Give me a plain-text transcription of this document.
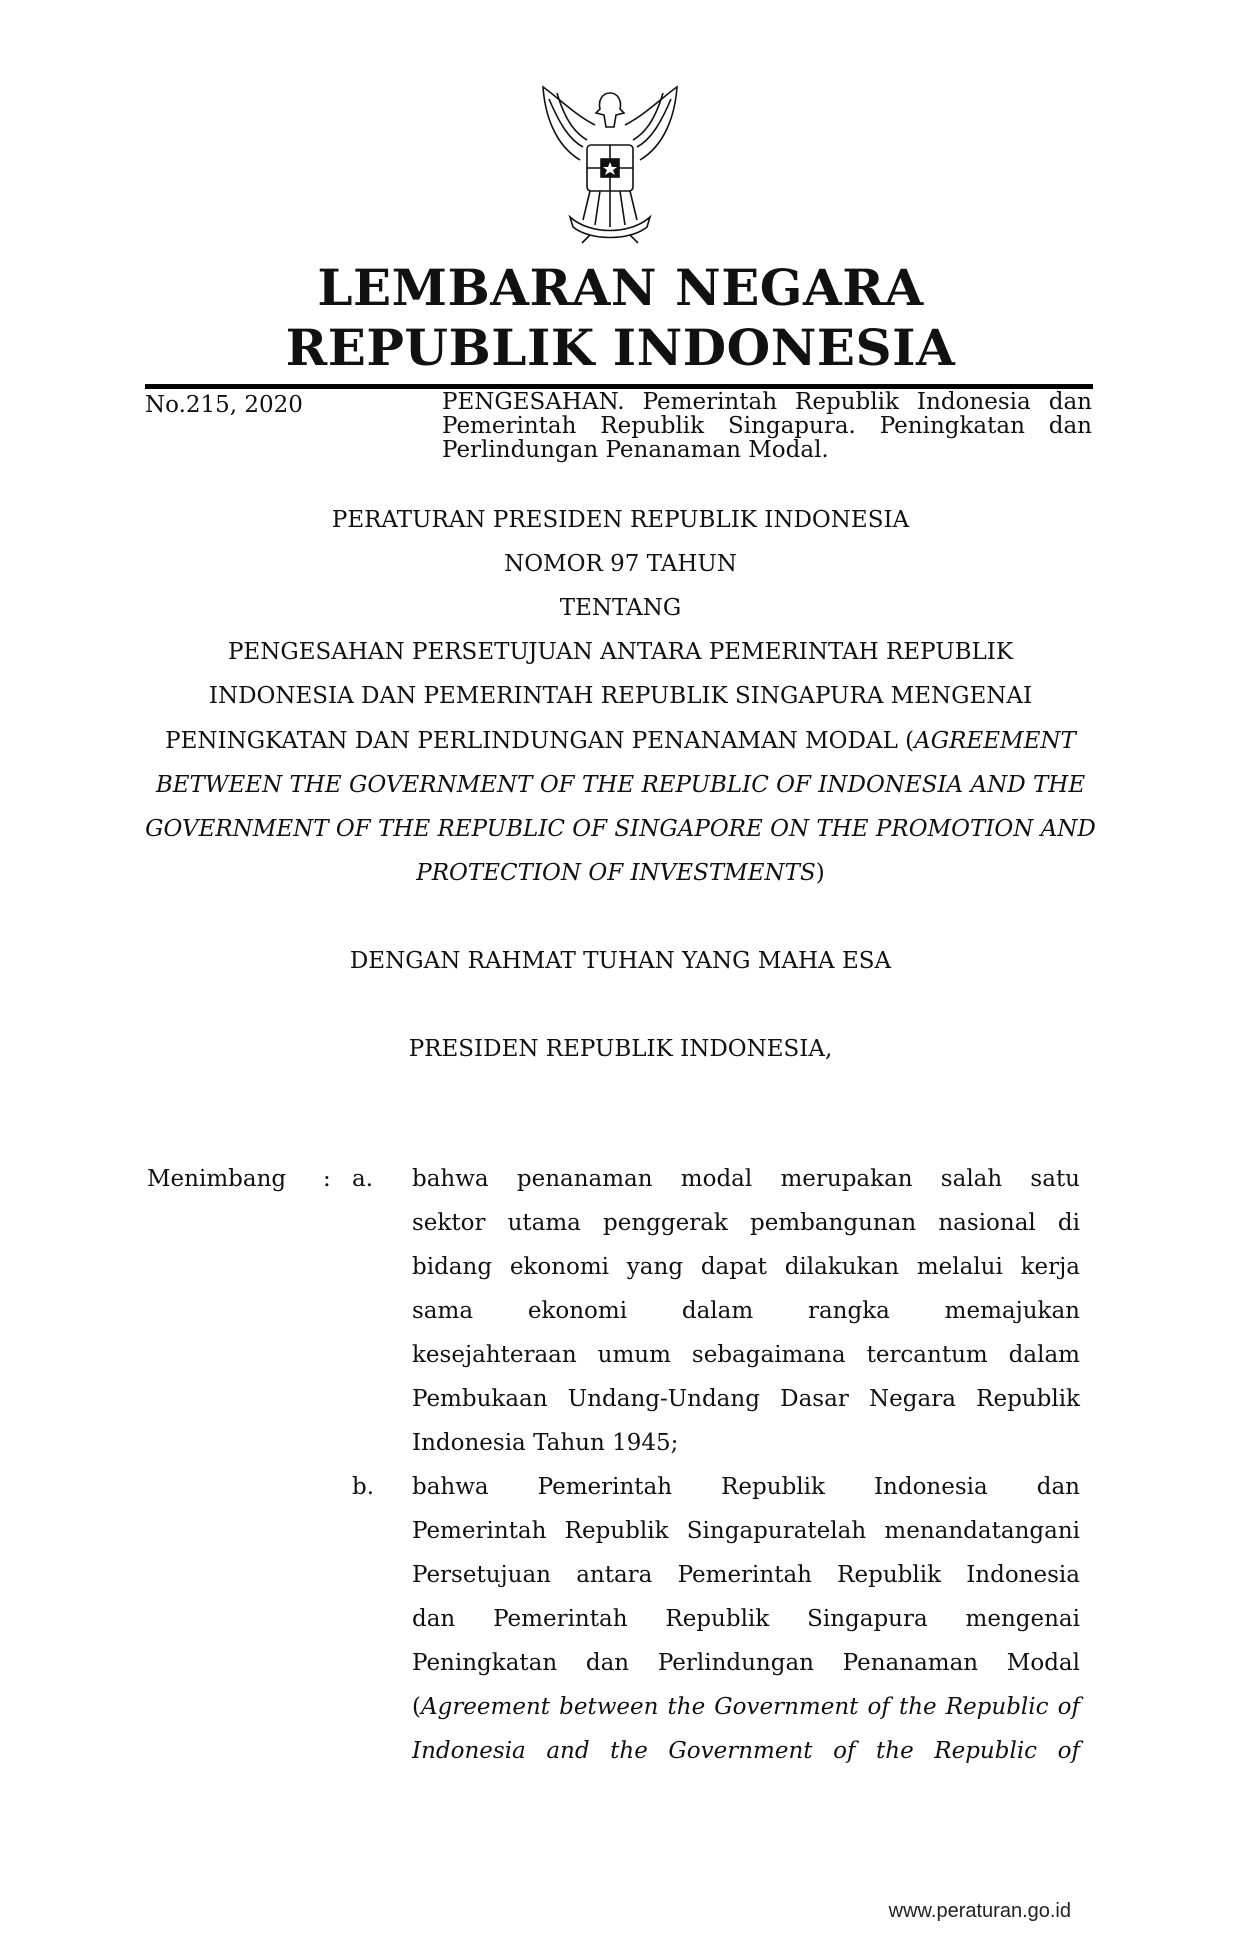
LEMBARAN NEGARA
REPUBLIK INDONESIA
No.215, 2020	PENGESAHAN. Pemerintah Republik Indonesia dan
Pemerintah Republik Singapura. Peningkatan dan
Perlindungan Penanaman Modal.
PERATURAN PRESIDEN REPUBLIK INDONESIA
NOMOR 97 TAHUN
TENTANG
PENGESAHAN PERSETUJUAN ANTARA PEMERINTAH REPUBLIK
INDONESIA DAN PEMERINTAH REPUBLIK SINGAPURA MENGENAI
PENINGKATAN DAN PERLINDUNGAN PENANAMAN MODAL (AGREEMENT
BETWEEN THE GOVERNMENT OF THE REPUBLIC OF INDONESIA AND THE
GOVERNMENT OF THE REPUBLIC OF SINGAPORE ON THE PROMOTION AND
PROTECTION OF INVESTMENTS)
DENGAN RAHMAT TUHAN YANG MAHA ESA
PRESIDEN REPUBLIK INDONESIA,
Menimbang : a. bahwa penanaman modal merupakan salah satu
sektor utama penggerak pembangunan nasional di
bidang ekonomi yang dapat dilakukan melalui kerja
sama ekonomi dalam rangka memajukan
kesejahteraan umum sebagaimana tercantum dalam
Pembukaan Undang-Undang Dasar Negara Republik
Indonesia Tahun 1945;
b. bahwa Pemerintah Republik Indonesia dan
Pemerintah Republik Singapuratelah menandatangani
Persetujuan antara Pemerintah Republik Indonesia
dan Pemerintah Republik Singapura mengenai
Peningkatan dan Perlindungan Penanaman Modal
(Agreement between the Government of the Republic of
Indonesia and the Government of the Republic of
www.peraturan.go.id
